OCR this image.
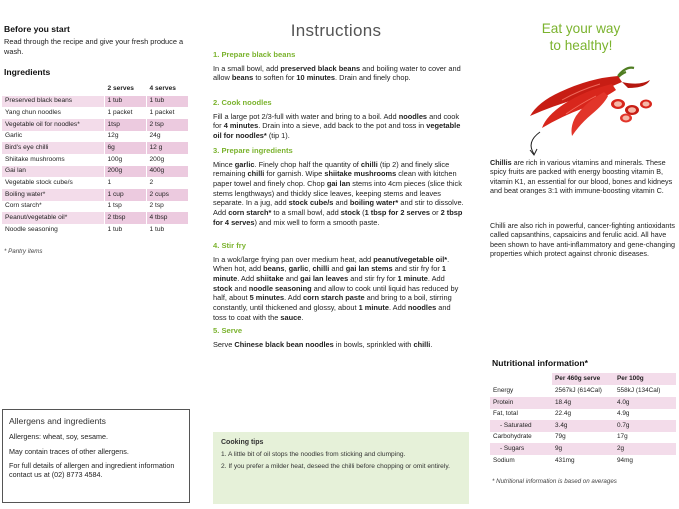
Before you start
Read through the recipe and give your fresh produce a wash.
Ingredients
	2 serves	4 serves
Preserved black beans	1 tub	1 tub
Yang chun noodles	1 packet	1 packet
Vegetable oil for noodles*	1tsp	2 tsp
Garlic	12g	24g
Bird's eye chilli	6g	12 g
Shiitake mushrooms	100g	200g
Gai lan	200g	400g
Vegetable stock cube/s	1	2
Boiling water*	1 cup	2 cups
Corn starch*	1 tsp	2 tsp
Peanut/vegetable oil*	2 tbsp	4 tbsp
Noodle seasoning	1 tub	1 tub
* Pantry items
Allergens and ingredients
Allergens: wheat, soy, sesame.
May contain traces of other allergens.
For full details of allergen and ingredient information contact us at (02) 8773 4584.
Instructions
1. Prepare black beans
In a small bowl, add preserved black beans and boiling water to cover and allow beans to soften for 10 minutes. Drain and finely chop.
2. Cook noodles
Fill a large pot 2/3-full with water and bring to a boil. Add noodles and cook for 4 minutes. Drain into a sieve, add back to the pot and toss in vegetable oil for noodles* (tip 1).
3. Prepare ingredients
Mince garlic. Finely chop half the quantity of chilli (tip 2) and finely slice remaining chilli for garnish. Wipe shiitake mushrooms clean with kitchen paper towel and finely chop. Chop gai lan stems into 4cm pieces (slice thick stems lengthways) and thickly slice leaves, keeping stems and leaves separate. In a jug, add stock cube/s and boiling water* and stir to dissolve. Add corn starch* to a small bowl, add stock (1 tbsp for 2 serves or 2 tbsp for 4 serves) and mix well to form a smooth paste.
4. Stir fry
In a wok/large frying pan over medium heat, add peanut/vegetable oil*. When hot, add beans, garlic, chilli and gai lan stems and stir fry for 1 minute. Add shiitake and gai lan leaves and stir fry for 1 minute. Add stock and noodle seasoning and allow to cook until liquid has reduced by half, about 5 minutes. Add corn starch paste and bring to a boil, stirring constantly, until thickened and glossy, about 1 minute. Add noodles and toss to coat with the sauce.
5. Serve
Serve Chinese black bean noodles in bowls, sprinkled with chilli.
Cooking tips
1. A little bit of oil stops the noodles from sticking and clumping.
2. If you prefer a milder heat, deseed the chilli before chopping or omit entirely.
Eat your way
to healthy!
Chillis are rich in various vitamins and minerals. These spicy fruits are packed with energy boosting vitamin B, vitamin K1, an essential for our blood, bones and kidneys and beat oranges 3:1 with immune-boosting vitamin C.
Chilli are also rich in powerful, cancer-fighting antioxidants called capsanthins, capsaicins and ferulic acid. All have been shown to have anti-inflammatory and gene-changing properties which protect against chronic diseases.
Nutritional information*
	Per 460g serve	Per 100g
Energy	2567kJ (614Cal)	558kJ (134Cal)
Protein	18.4g	4.0g
Fat, total	22.4g	4.9g
- Saturated	3.4g	0.7g
Carbohydrate	79g	17g
- Sugars	9g	2g
Sodium	431mg	94mg
* Nutritional information is based on averages
